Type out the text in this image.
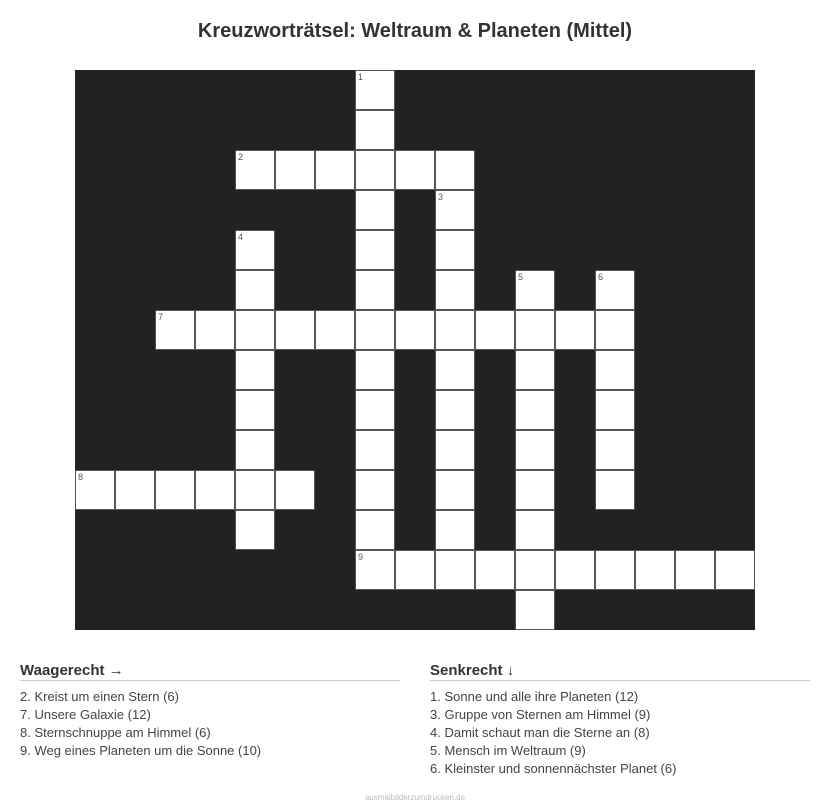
Kreuzworträtsel: Weltraum & Planeten (Mittel)
1
2
3
4
5	6
7
8
9
Waagerecht →
2. Kreist um einen Stern (6)
7. Unsere Galaxie (12)
8. Sternschnuppe am Himmel (6)
9. Weg eines Planeten um die Sonne (10)
Senkrecht ↓
1. Sonne und alle ihre Planeten (12)
3. Gruppe von Sternen am Himmel (9)
4. Damit schaut man die Sterne an (8)
5. Mensch im Weltraum (9)
6. Kleinster und sonnennächster Planet (6)
ausmalbilderzumdrucken.de
